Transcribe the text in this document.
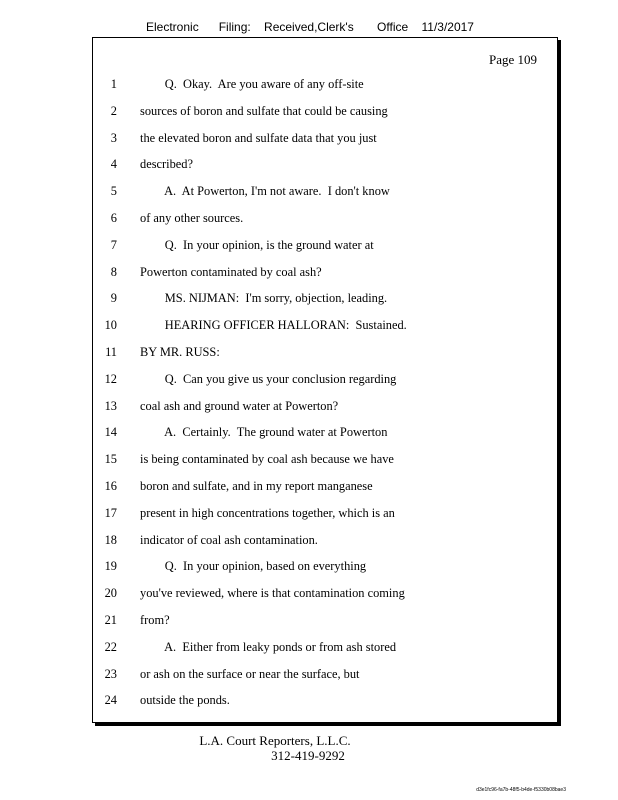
Electronic      Filing:    Received,Clerk's       Office    11/3/2017
Page 109
1 Q.  Okay.  Are you aware of any off-site
2 sources of boron and sulfate that could be causing
3 the elevated boron and sulfate data that you just
4 described?
5 A.  At Powerton, I'm not aware.  I don't know
6 of any other sources.
7 Q.  In your opinion, is the ground water at
8 Powerton contaminated by coal ash?
9 MS. NIJMAN:  I'm sorry, objection, leading.
10 HEARING OFFICER HALLORAN:  Sustained.
11 BY MR. RUSS:
12 Q.  Can you give us your conclusion regarding
13 coal ash and ground water at Powerton?
14 A.  Certainly.  The ground water at Powerton
15 is being contaminated by coal ash because we have
16 boron and sulfate, and in my report manganese
17 present in high concentrations together, which is an
18 indicator of coal ash contamination.
19 Q.  In your opinion, based on everything
20 you've reviewed, where is that contamination coming
21 from?
22 A.  Either from leaky ponds or from ash stored
23 or ash on the surface or near the surface, but
24 outside the ponds.
L.A. Court Reporters, L.L.C.
312-419-9292
d3e1fc96-fa7b-48f5-b4de-f5330b08bae3
